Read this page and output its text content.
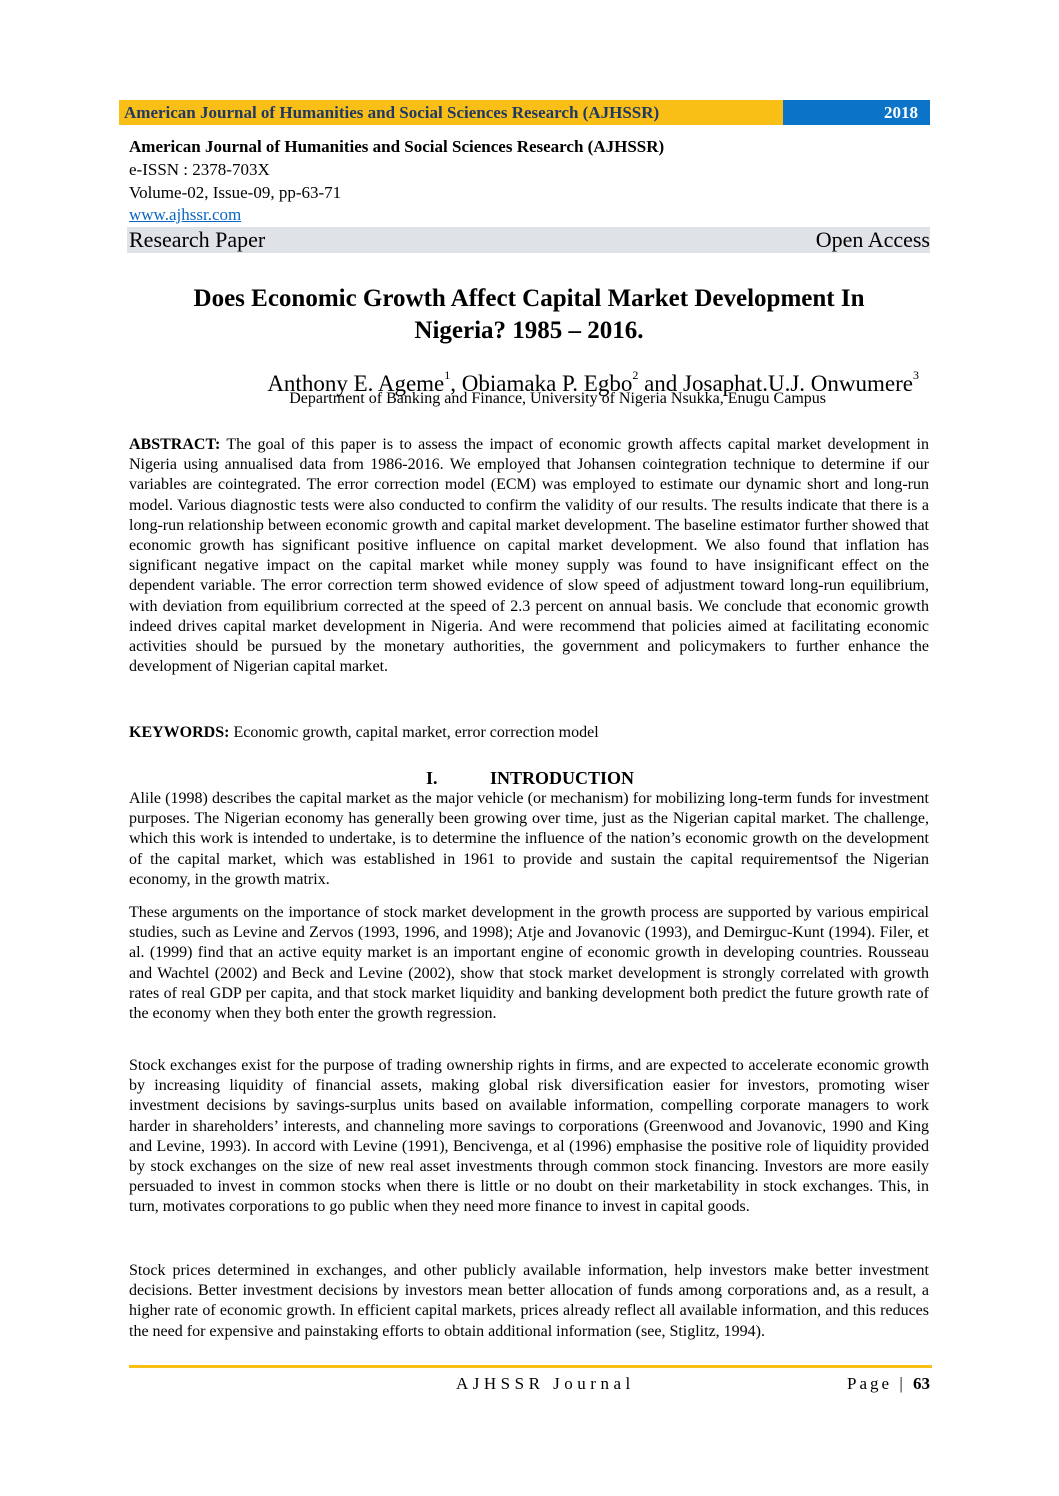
American Journal of Humanities and Social Sciences Research (AJHSSR)	2018
American Journal of Humanities and Social Sciences Research (AJHSSR)
e-ISSN : 2378-703X
Volume-02, Issue-09, pp-63-71
www.ajhssr.com
Research Paper	Open Access
Does Economic Growth Affect Capital Market Development In
Nigeria? 1985 – 2016.
Anthony E. Ageme$^1$, Obiamaka P. Egbo$^2$ and Josaphat.U.J. Onwumere$^3$
Department of Banking and Finance, University of Nigeria Nsukka, Enugu Campus
ABSTRACT: The goal of this paper is to assess the impact of economic growth affects capital market development in Nigeria using annualised data from 1986-2016. We employed that Johansen cointegration technique to determine if our variables are cointegrated. The error correction model (ECM) was employed to estimate our dynamic short and long-run model. Various diagnostic tests were also conducted to confirm the validity of our results. The results indicate that there is a long-run relationship between economic growth and capital market development. The baseline estimator further showed that economic growth has significant positive influence on capital market development. We also found that inflation has significant negative impact on the capital market while money supply was found to have insignificant effect on the dependent variable. The error correction term showed evidence of slow speed of adjustment toward long-run equilibrium, with deviation from equilibrium corrected at the speed of 2.3 percent on annual basis. We conclude that economic growth indeed drives capital market development in Nigeria. And were recommend that policies aimed at facilitating economic activities should be pursued by the monetary authorities, the government and policymakers to further enhance the development of Nigerian capital market.
KEYWORDS: Economic growth, capital market, error correction model
I.	INTRODUCTION
Alile (1998) describes the capital market as the major vehicle (or mechanism) for mobilizing long-term funds for investment purposes. The Nigerian economy has generally been growing over time, just as the Nigerian capital market. The challenge, which this work is intended to undertake, is to determine the influence of the nation’s economic growth on the development of the capital market, which was established in 1961 to provide and sustain the capital requirementsof the Nigerian economy, in the growth matrix.
These arguments on the importance of stock market development in the growth process are supported by various empirical studies, such as Levine and Zervos (1993, 1996, and 1998); Atje and Jovanovic (1993), and Demirguc-Kunt (1994). Filer, et al. (1999) find that an active equity market is an important engine of economic growth in developing countries. Rousseau and Wachtel (2002) and Beck and Levine (2002), show that stock market development is strongly correlated with growth rates of real GDP per capita, and that stock market liquidity and banking development both predict the future growth rate of the economy when they both enter the growth regression.
Stock exchanges exist for the purpose of trading ownership rights in firms, and are expected to accelerate economic growth by increasing liquidity of financial assets, making global risk diversification easier for investors, promoting wiser investment decisions by savings-surplus units based on available information, compelling corporate managers to work harder in shareholders’ interests, and channeling more savings to corporations (Greenwood and Jovanovic, 1990 and King and Levine, 1993). In accord with Levine (1991), Bencivenga, et al (1996) emphasise the positive role of liquidity provided by stock exchanges on the size of new real asset investments through common stock financing. Investors are more easily persuaded to invest in common stocks when there is little or no doubt on their marketability in stock exchanges. This, in turn, motivates corporations to go public when they need more finance to invest in capital goods.
Stock prices determined in exchanges, and other publicly available information, help investors make better investment decisions. Better investment decisions by investors mean better allocation of funds among corporations and, as a result, a higher rate of economic growth. In efficient capital markets, prices already reflect all available information, and this reduces the need for expensive and painstaking efforts to obtain additional information (see, Stiglitz, 1994).
AJHSSR Journal	Page | 63
